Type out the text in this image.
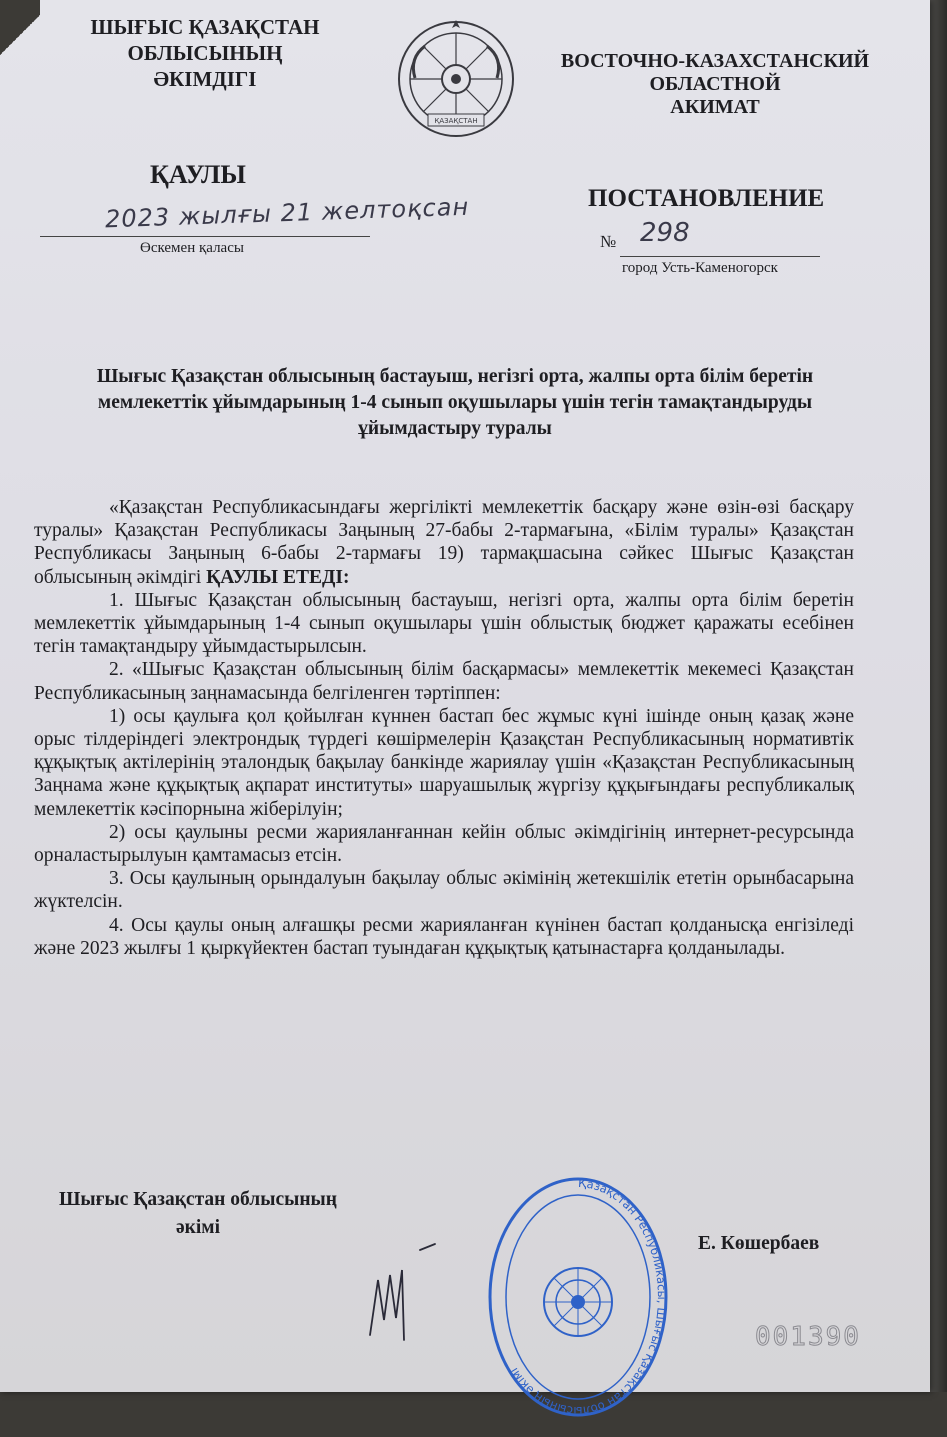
ШЫҒЫС ҚАЗАҚСТАН
ОБЛЫСЫНЫҢ
ӘКІМДІГІ
ҚАЗАҚСТАН
ВОСТОЧНО-КАЗАХСТАНСКИЙ
ОБЛАСТНОЙ
АКИМАТ
ҚАУЛЫ
ПОСТАНОВЛЕНИЕ
2023 жылғы 21 желтоқсан
Өскемен қаласы	№ 298
город Усть-Каменогорск
Шығыс Қазақстан облысының бастауыш, негізгі орта, жалпы орта білім беретін мемлекеттік ұйымдарының 1-4 сынып оқушылары үшін тегін тамақтандыруды ұйымдастыру туралы

«Қазақстан Республикасындағы жергілікті мемлекеттік басқару және өзін-өзі басқару туралы» Қазақстан Республикасы Заңының 27-бабы 2-тармағына, «Білім туралы» Қазақстан Республикасы Заңының 6-бабы 2-тармағы 19) тармақшасына сәйкес Шығыс Қазақстан облысының әкімдігі ҚАУЛЫ ЕТЕДІ:

1. Шығыс Қазақстан облысының бастауыш, негізгі орта, жалпы орта білім беретін мемлекеттік ұйымдарының 1-4 сынып оқушылары үшін облыстық бюджет қаражаты есебінен тегін тамақтандыру ұйымдастырылсын.

2. «Шығыс Қазақстан облысының білім басқармасы» мемлекеттік мекемесі Қазақстан Республикасының заңнамасында белгіленген тәртіппен:

1) осы қаулыға қол қойылған күннен бастап бес жұмыс күні ішінде оның қазақ және орыс тілдеріндегі электрондық түрдегі көшірмелерін Қазақстан Республикасының нормативтік құқықтық актілерінің эталондық бақылау банкінде жариялау үшін «Қазақстан Республикасының Заңнама және құқықтық ақпарат институты» шаруашылық жүргізу құқығындағы республикалық мемлекеттік кәсіпорнына жіберілуін;

2) осы қаулыны ресми жарияланғаннан кейін облыс әкімдігінің интернет-ресурсында орналастырылуын қамтамасыз етсін.

3. Осы қаулының орындалуын бақылау облыс әкімінің жетекшілік ететін орынбасарына жүктелсін.

4. Осы қаулы оның алғашқы ресми жарияланған күнінен бастап қолданысқа енгізіледі және 2023 жылғы 1 қыркүйектен бастап туындаған құқықтық қатынастарға қолданылады.

Шығыс Қазақстан облысының
әкімі
Қазақстан Республикасы, Шығыс Қазақстан облысының әкімі
Е. Көшербаев
001390
